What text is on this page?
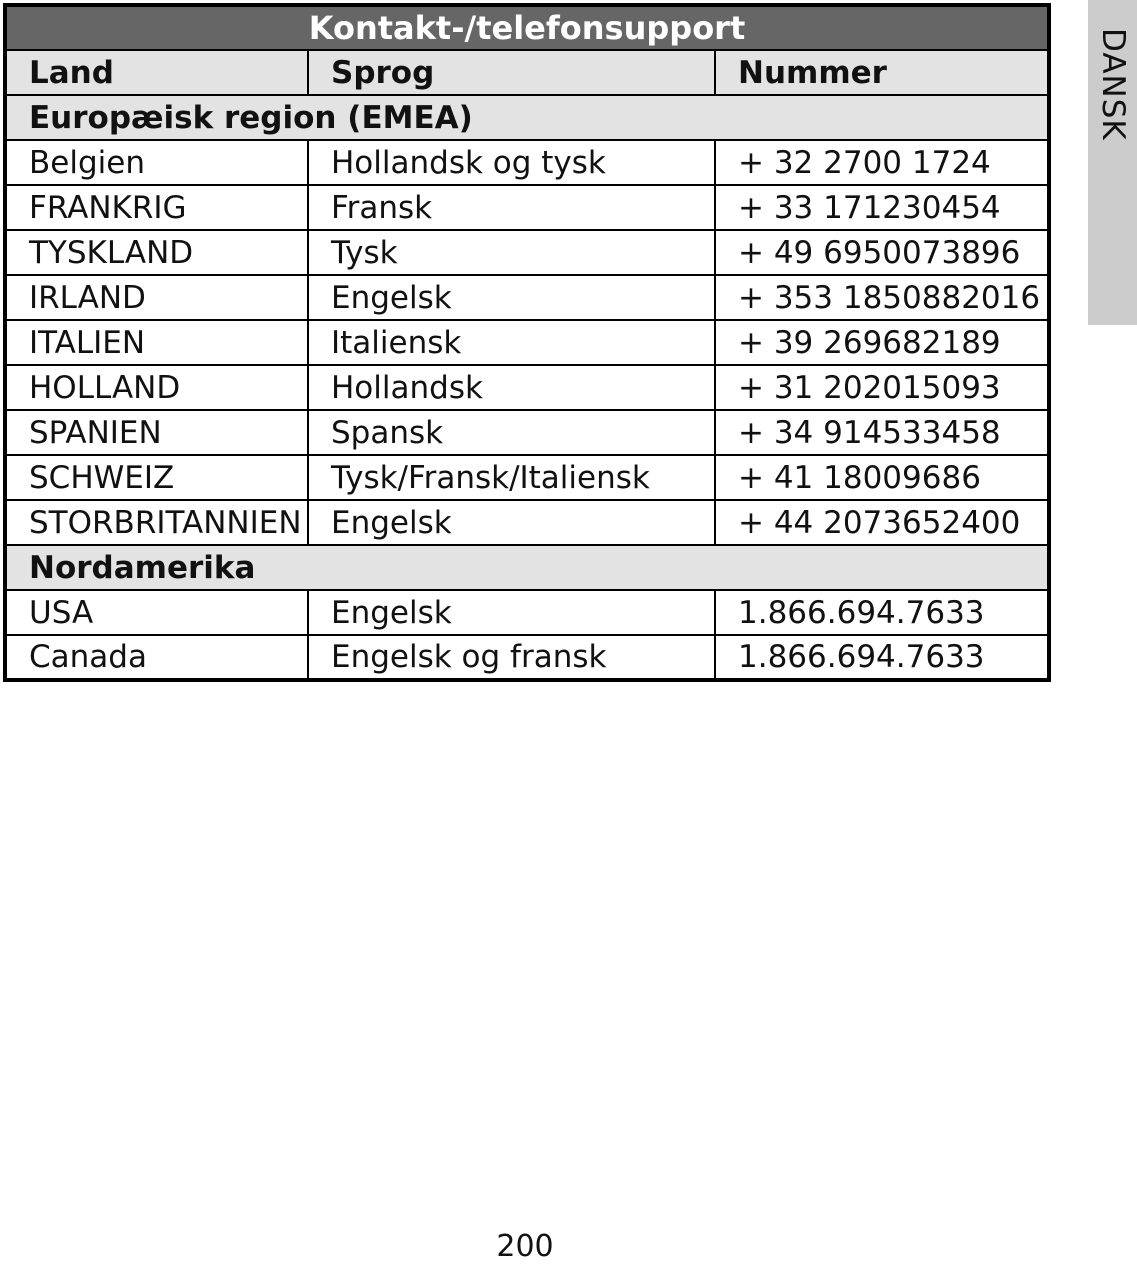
Kontakt-/telefonsupport		
Land	Sprog	Nummer
Europæisk region (EMEA)		
Belgien	Hollandsk og tysk	+ 32 2700 1724
FRANKRIG	Fransk	+ 33 171230454
TYSKLAND	Tysk	+ 49 6950073896
IRLAND	Engelsk	+ 353 1850882016
ITALIEN	Italiensk	+ 39 269682189
HOLLAND	Hollandsk	+ 31 202015093
SPANIEN	Spansk	+ 34 914533458
SCHWEIZ	Tysk/Fransk/Italiensk	+ 41 18009686
STORBRITANNIEN	Engelsk	+ 44 2073652400
Nordamerika		
USA	Engelsk	1.866.694.7633
Canada	Engelsk og fransk	1.866.694.7633
DANSK
200
